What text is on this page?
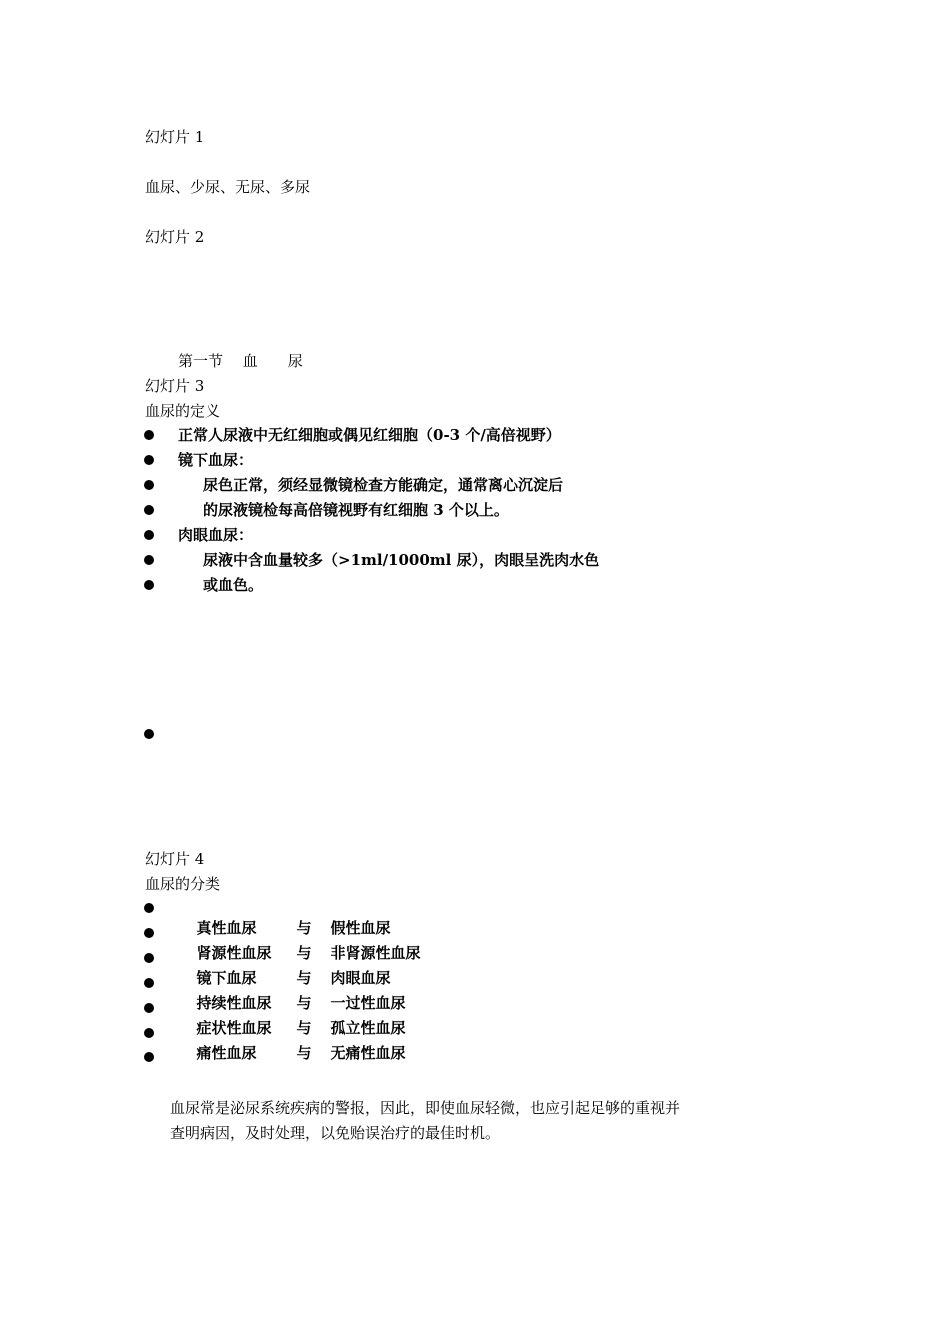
幻灯片 1
血尿、少尿、无尿、多尿
幻灯片 2
第一节　 血　　尿
幻灯片 3
血尿的定义
正常人尿液中无红细胞或偶见红细胞（0-3 个/高倍视野）
镜下血尿：
尿色正常，须经显微镜检查方能确定，通常离心沉淀后
的尿液镜检每高倍镜视野有红细胞 3 个以上。
肉眼血尿：
尿液中含血量较多（>1ml/1000ml 尿），肉眼呈洗肉水色
或血色。
幻灯片 4
血尿的分类

真性血尿	与 假性血尿

肾源性血尿 与 非肾源性血尿

镜下血尿	与 肉眼血尿

持续性血尿 与 一过性血尿

症状性血尿 与 孤立性血尿

痛性血尿	与 无痛性血尿

血尿常是泌尿系统疾病的警报，因此，即使血尿轻微，也应引起足够的重视并查明病因，及时处理，以免贻误治疗的最佳时机。
